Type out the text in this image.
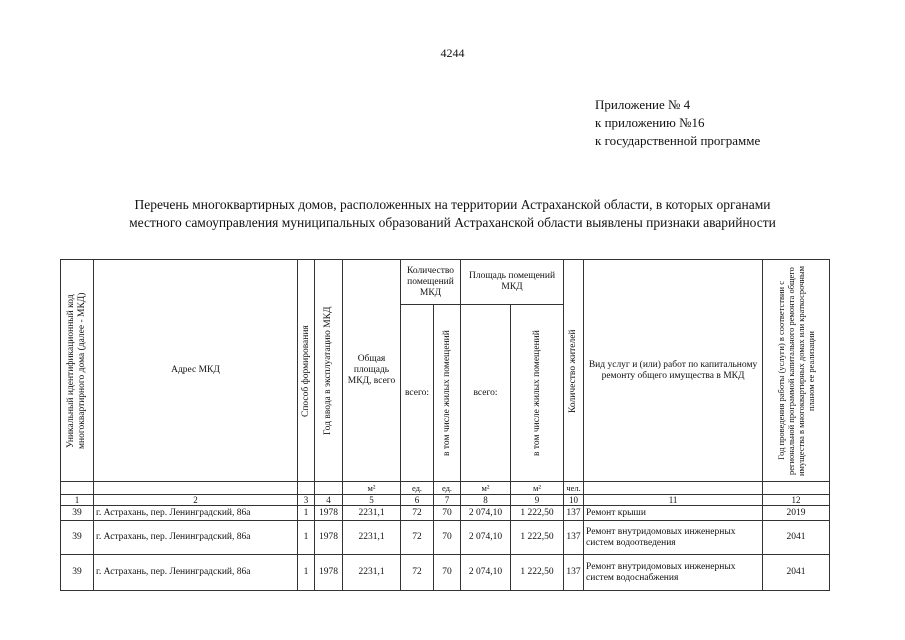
4244
Приложение № 4
к приложению №16
к государственной программе
Перечень многоквартирных домов, расположенных на территории Астраханской области, в которых органами
местного самоуправления муниципальных образований Астраханской области выявлены признаки аварийности
Уникальный идентификационный код многоквартирного дома (далее - МКД)	Адрес МКД	Способ формирования	Год ввода в эксплуатацию МКД	Общая площадь МКД, всего	Количество помещений МКД		Площадь помещений МКД		Количество жителей	Вид услуг и (или) работ по капитальному ремонту общего имущества в МКД	Год проведения работы (услуги) в соответствии с региональной программой капитального ремонта общего имущества в многоквартирных домах или краткосрочным планом ее реализации

					всего:	в том числе жилых помещений	всего:	в том числе жилых помещений			

				м²	ед.	ед.	м²	м²	чел.		
1	2	3	4	5	6	7	8	9	10	11	12
39	г. Астрахань, пер. Ленинградский, 86а	1	1978	2231,1	72	70	2 074,10	1 222,50	137	Ремонт крыши	2019
39	г. Астрахань, пер. Ленинградский, 86а	1	1978	2231,1	72	70	2 074,10	1 222,50	137	Ремонт внутридомовых инженерных систем водоотведения	2041
39	г. Астрахань, пер. Ленинградский, 86а	1	1978	2231,1	72	70	2 074,10	1 222,50	137	Ремонт внутридомовых инженерных систем водоснабжения	2041
